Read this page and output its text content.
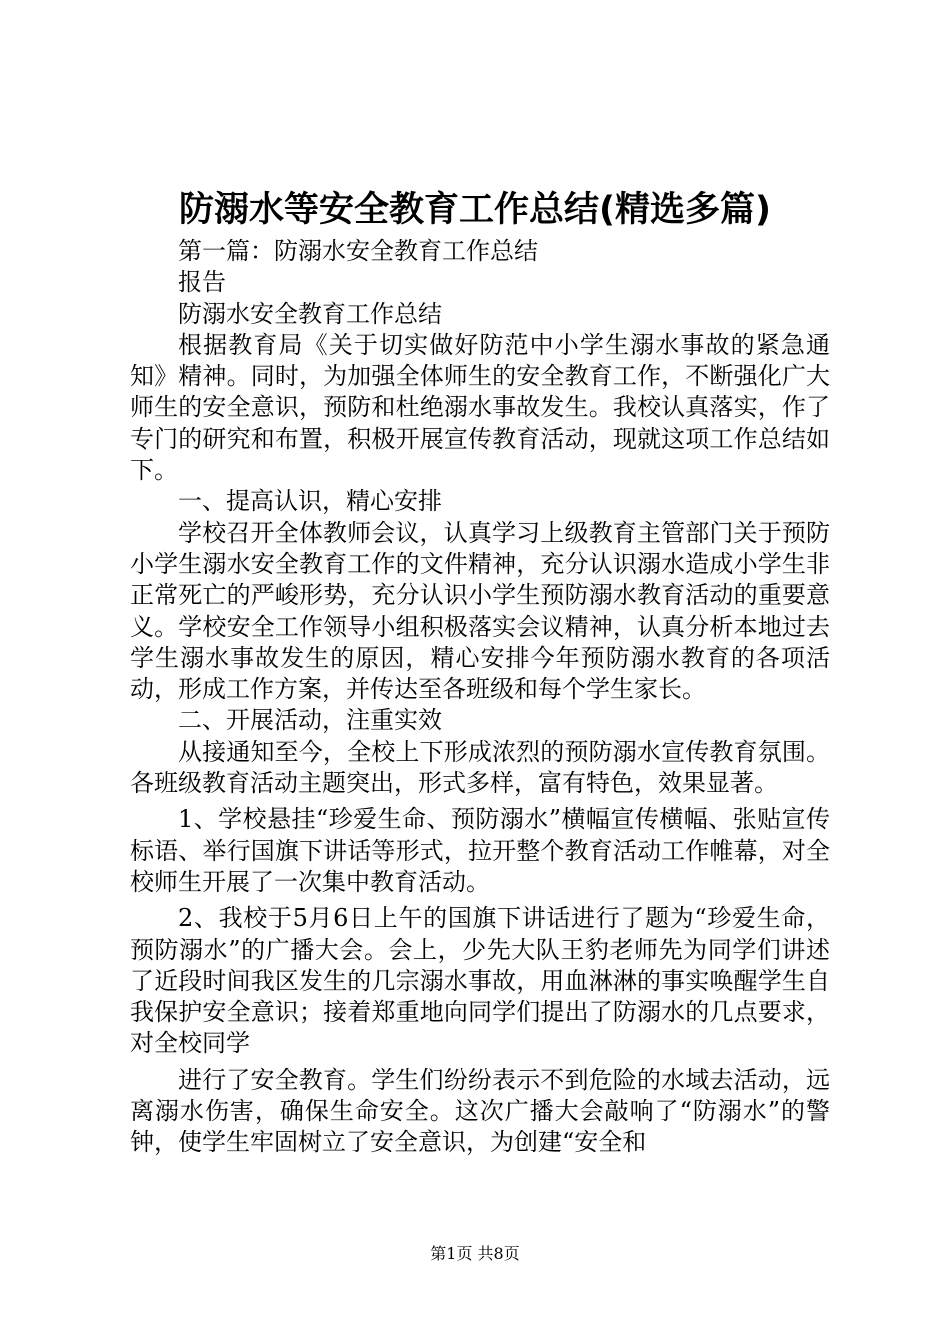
防溺水等安全教育工作总结(精选多篇)

第一篇：防溺水安全教育工作总结

报告

防溺水安全教育工作总结

根据教育局《关于切实做好防范中小学生溺水事故的紧急通知》精神。同时，为加强全体师生的安全教育工作，不断强化广大师生的安全意识，预防和杜绝溺水事故发生。我校认真落实，作了专门的研究和布置，积极开展宣传教育活动，现就这项工作总结如下。

一、提高认识，精心安排

学校召开全体教师会议，认真学习上级教育主管部门关于预防小学生溺水安全教育工作的文件精神，充分认识溺水造成小学生非正常死亡的严峻形势，充分认识小学生预防溺水教育活动的重要意义。学校安全工作领导小组积极落实会议精神，认真分析本地过去学生溺水事故发生的原因，精心安排今年预防溺水教育的各项活动，形成工作方案，并传达至各班级和每个学生家长。

二、开展活动，注重实效

从接通知至今，全校上下形成浓烈的预防溺水宣传教育氛围。各班级教育活动主题突出，形式多样，富有特色，效果显著。

1、学校悬挂“珍爱生命、预防溺水”横幅宣传横幅、张贴宣传标语、举行国旗下讲话等形式，拉开整个教育活动工作帷幕，对全校师生开展了一次集中教育活动。

2、我校于5月6日上午的国旗下讲话进行了题为“珍爱生命，预防溺水”的广播大会。会上，少先大队王豹老师先为同学们讲述了近段时间我区发生的几宗溺水事故，用血淋淋的事实唤醒学生自我保护安全意识；接着郑重地向同学们提出了防溺水的几点要求，对全校同学

进行了安全教育。学生们纷纷表示不到危险的水域去活动，远离溺水伤害，确保生命安全。这次广播大会敲响了“防溺水”的警钟，使学生牢固树立了安全意识，为创建“安全和

第1页 共8页
